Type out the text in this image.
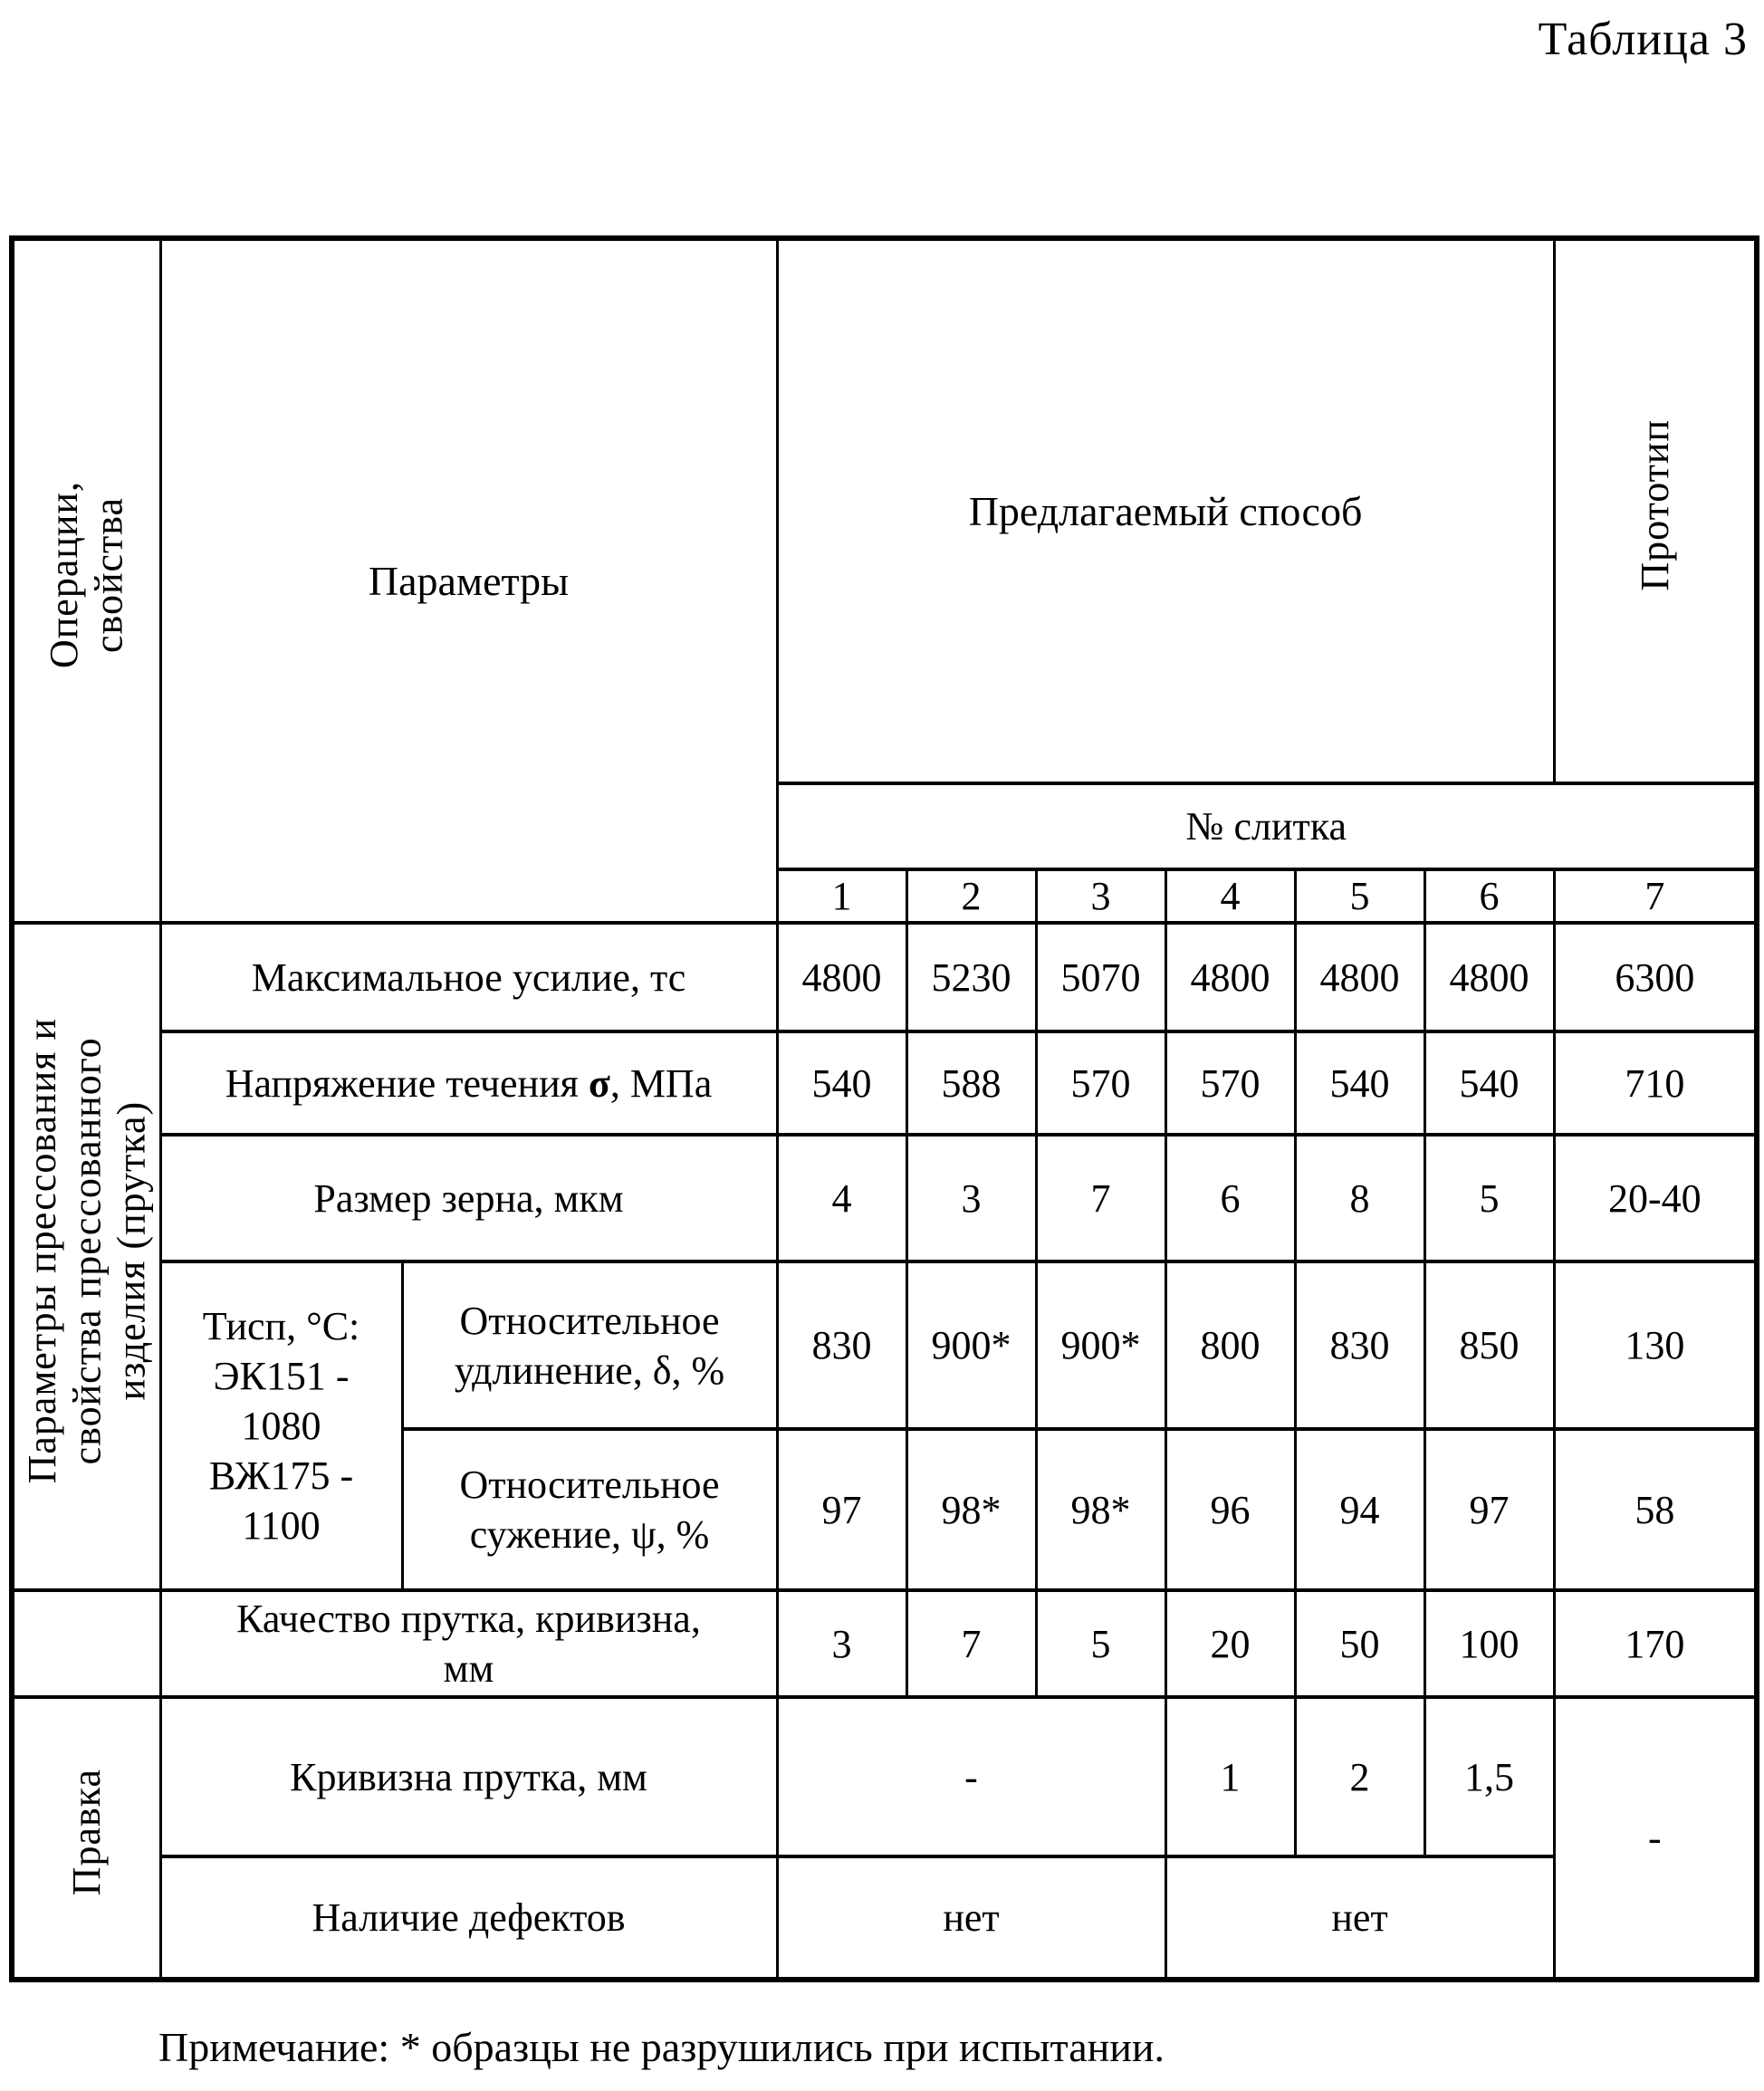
Таблица 3
Операции,
свойства	Параметры		Предлагаемый способ						Прототип
			№ слитка						
			1	2	3	4	5	6	7
Параметры прессования и
свойства прессованного
изделия (прутка)	Максимальное усилие, тс		4800	5230	5070	4800	4800	4800	6300
	Напряжение течения σ, МПа		540	588	570	570	540	540	710
	Размер зерна, мкм		4	3	7	6	8	5	20-40
	Тисп, °С:
ЭК151 -
1080
ВЖ175 -
1100	Относительное
удлинение, δ, %	830	900*	900*	800	830	850	130
		Относительное
сужение, ψ, %	97	98*	98*	96	94	97	58
	Качество прутка, кривизна,
мм		3	7	5	20	50	100	170
Правка	Кривизна прутка, мм		-			1	2	1,5	-
	Наличие дефектов		нет			нет			
Примечание: * образцы не разрушились при испытании.
